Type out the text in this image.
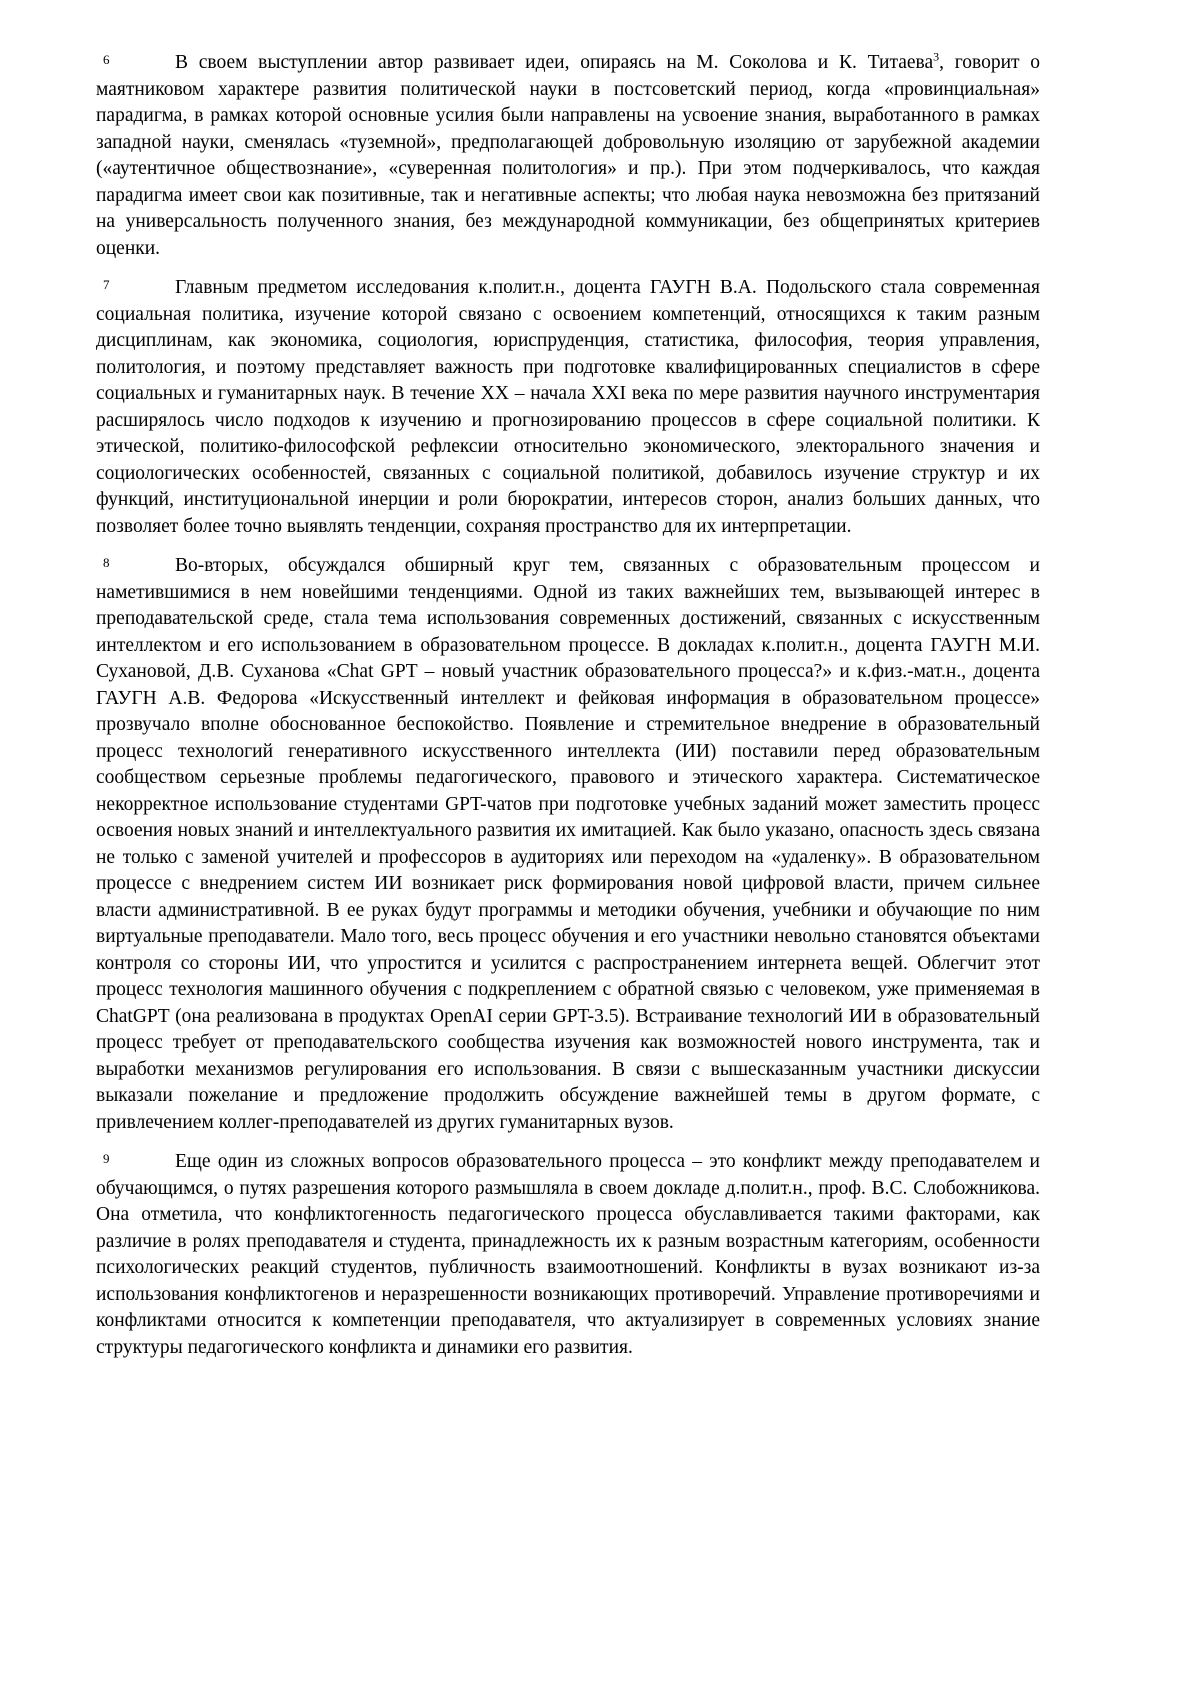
6	В своем выступлении автор развивает идеи, опираясь на М. Соколова и К. Титаева$^3$, говорит о маятниковом характере развития политической науки в постсоветский период, когда «провинциальная» парадигма, в рамках которой основные усилия были направлены на усвоение знания, выработанного в рамках западной науки, сменялась «туземной», предполагающей добровольную изоляцию от зарубежной академии («аутентичное обществознание», «суверенная политология» и пр.). При этом подчеркивалось, что каждая парадигма имеет свои как позитивные, так и негативные аспекты; что любая наука невозможна без притязаний на универсальность полученного знания, без международной коммуникации, без общепринятых критериев оценки.

7	Главным предметом исследования к.полит.н., доцента ГАУГН В.А. Подольского стала современная социальная политика, изучение которой связано с освоением компетенций, относящихся к таким разным дисциплинам, как экономика, социология, юриспруденция, статистика, философия, теория управления, политология, и поэтому представляет важность при подготовке квалифицированных специалистов в сфере социальных и гуманитарных наук. В течение XX – начала XXI века по мере развития научного инструментария расширялось число подходов к изучению и прогнозированию процессов в сфере социальной политики. К этической, политико-философской рефлексии относительно экономического, электорального значения и социологических особенностей, связанных с социальной политикой, добавилось изучение структур и их функций, институциональной инерции и роли бюрократии, интересов сторон, анализ больших данных, что позволяет более точно выявлять тенденции, сохраняя пространство для их интерпретации.

8	Во-вторых, обсуждался обширный круг тем, связанных с образовательным процессом и наметившимися в нем новейшими тенденциями. Одной из таких важнейших тем, вызывающей интерес в преподавательской среде, стала тема использования современных достижений, связанных с искусственным интеллектом и его использованием в образовательном процессе. В докладах к.полит.н., доцента ГАУГН М.И. Сухановой, Д.В. Суханова «Chat GPT – новый участник образовательного процесса?» и к.физ.-мат.н., доцента ГАУГН А.В. Федорова «Искусственный интеллект и фейковая информация в образовательном процессе» прозвучало вполне обоснованное беспокойство. Появление и стремительное внедрение в образовательный процесс технологий генеративного искусственного интеллекта (ИИ) поставили перед образовательным сообществом серьезные проблемы педагогического, правового и этического характера. Систематическое некорректное использование студентами GPT-чатов при подготовке учебных заданий может заместить процесс освоения новых знаний и интеллектуального развития их имитацией. Как было указано, опасность здесь связана не только с заменой учителей и профессоров в аудиториях или переходом на «удаленку». В образовательном процессе с внедрением систем ИИ возникает риск формирования новой цифровой власти, причем сильнее власти административной. В ее руках будут программы и методики обучения, учебники и обучающие по ним виртуальные преподаватели. Мало того, весь процесс обучения и его участники невольно становятся объектами контроля со стороны ИИ, что упростится и усилится с распространением интернета вещей. Облегчит этот процесс технология машинного обучения с подкреплением с обратной связью с человеком, уже применяемая в ChatGPT (она реализована в продуктах OpenAI серии GPT-3.5). Встраивание технологий ИИ в образовательный процесс требует от преподавательского сообщества изучения как возможностей нового инструмента, так и выработки механизмов регулирования его использования. В связи с вышесказанным участники дискуссии выказали пожелание и предложение продолжить обсуждение важнейшей темы в другом формате, с привлечением коллег-преподавателей из других гуманитарных вузов.

9	Еще один из сложных вопросов образовательного процесса – это конфликт между преподавателем и обучающимся, о путях разрешения которого размышляла в своем докладе д.полит.н., проф. В.С. Слобожникова. Она отметила, что конфликтогенность педагогического процесса обуславливается такими факторами, как различие в ролях преподавателя и студента, принадлежность их к разным возрастным категориям, особенности психологических реакций студентов, публичность взаимоотношений. Конфликты в вузах возникают из-за использования конфликтогенов и неразрешенности возникающих противоречий. Управление противоречиями и конфликтами относится к компетенции преподавателя, что актуализирует в современных условиях знание структуры педагогического конфликта и динамики его развития.
